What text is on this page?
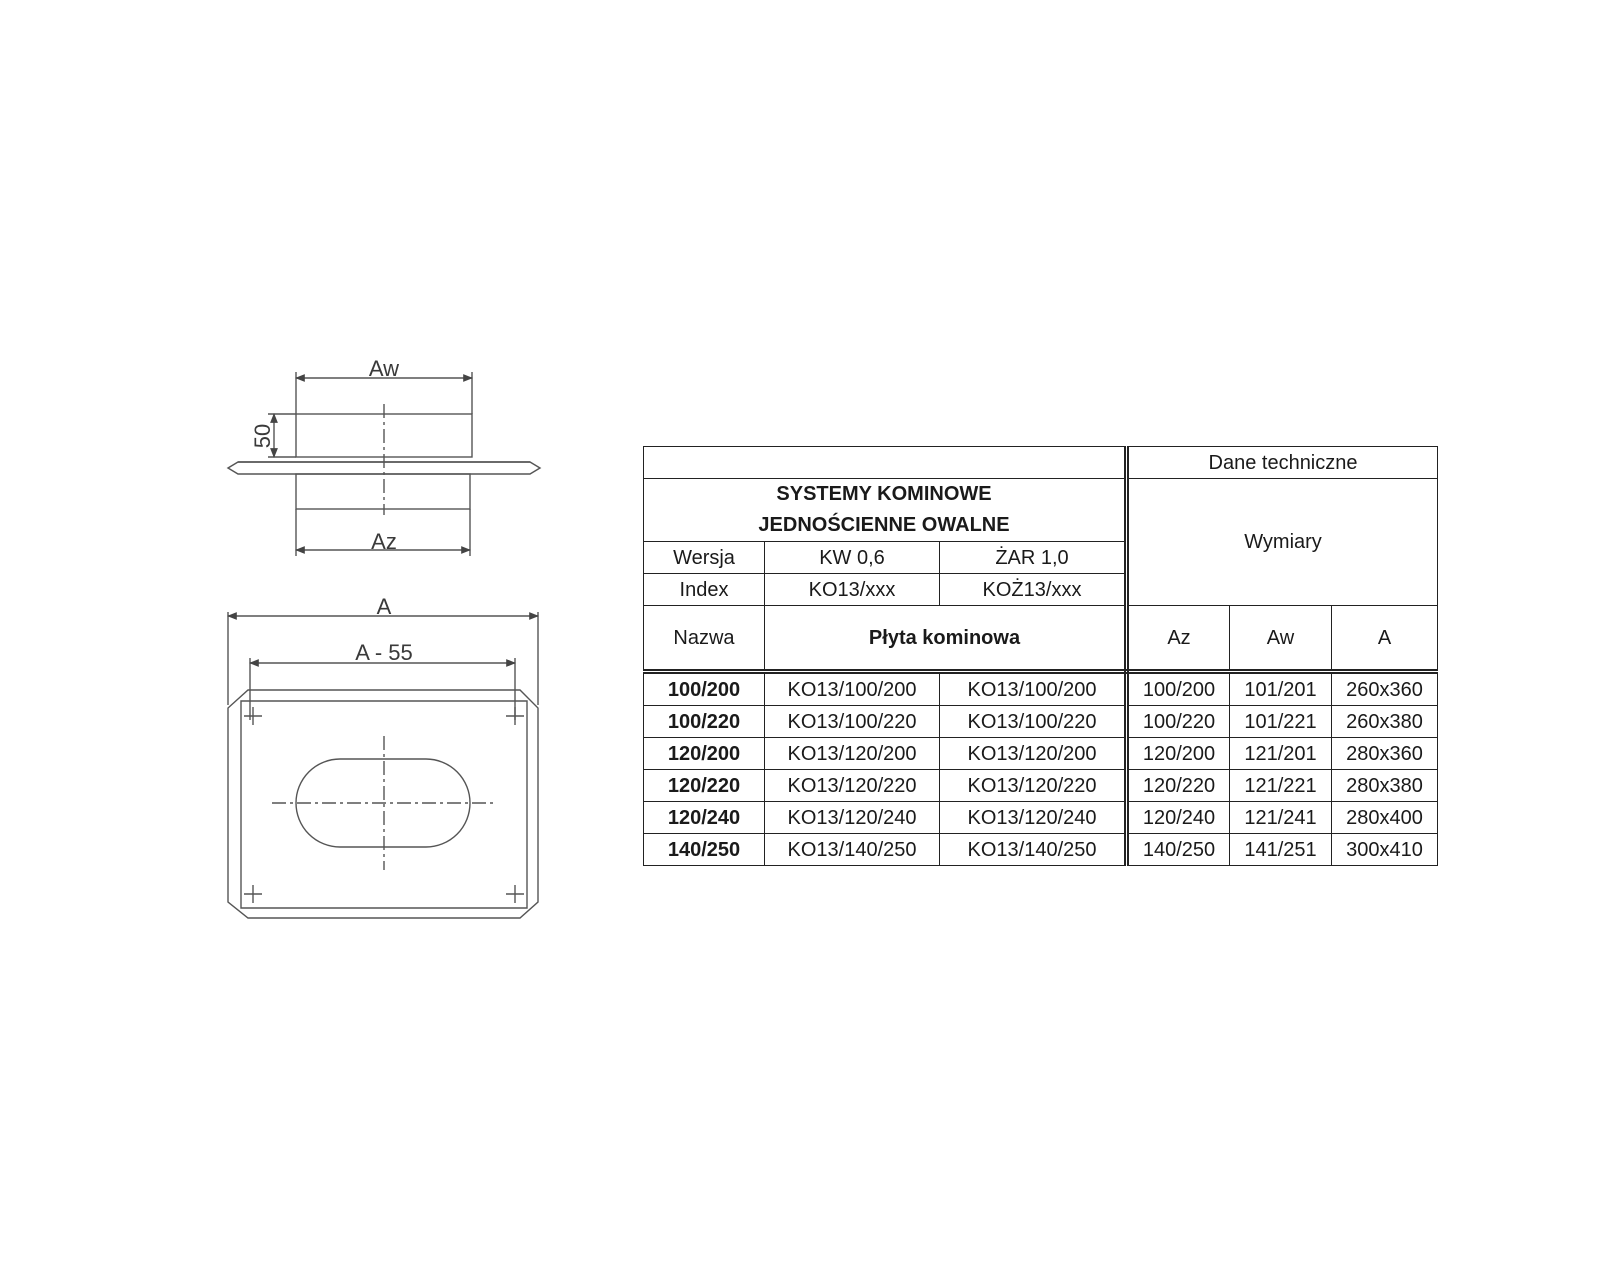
Aw
Az
50
A
A - 55
			Dane techniczne		
SYSTEMY KOMINOWE
JEDNOŚCIENNE OWALNE			Wymiary		
Wersja	KW 0,6	ŻAR 1,0			
Index	KO13/xxx	KOŻ13/xxx			
Nazwa	Płyta kominowa		Az	Aw	A
100/200	KO13/100/200	KO13/100/200	100/200	101/201	260x360
100/220	KO13/100/220	KO13/100/220	100/220	101/221	260x380
120/200	KO13/120/200	KO13/120/200	120/200	121/201	280x360
120/220	KO13/120/220	KO13/120/220	120/220	121/221	280x380
120/240	KO13/120/240	KO13/120/240	120/240	121/241	280x400
140/250	KO13/140/250	KO13/140/250	140/250	141/251	300x410
